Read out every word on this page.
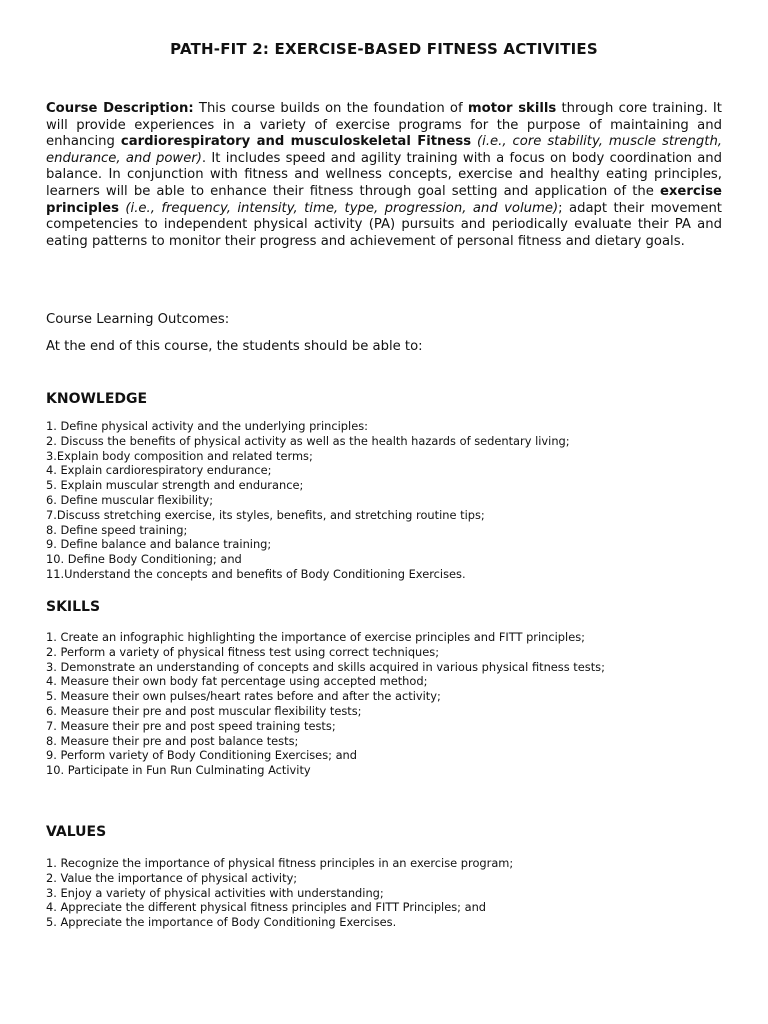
PATH-FIT 2: EXERCISE-BASED FITNESS ACTIVITIES

Course Description: This course builds on the foundation of motor skills through core training. It will provide experiences in a variety of exercise programs for the purpose of maintaining and enhancing cardiorespiratory and musculoskeletal Fitness (i.e., core stability, muscle strength, endurance, and power). It includes speed and agility training with a focus on body coordination and balance. In conjunction with fitness and wellness concepts, exercise and healthy eating principles, learners will be able to enhance their fitness through goal setting and application of the exercise principles (i.e., frequency, intensity, time, type, progression, and volume); adapt their movement competencies to independent physical activity (PA) pursuits and periodically evaluate their PA and eating patterns to monitor their progress and achievement of personal fitness and dietary goals.

Course Learning Outcomes:

At the end of this course, the students should be able to:

KNOWLEDGE
1. Define physical activity and the underlying principles:
2. Discuss the benefits of physical activity as well as the health hazards of sedentary living;
3.Explain body composition and related terms;
4. Explain cardiorespiratory endurance;
5. Explain muscular strength and endurance;
6. Define muscular flexibility;
7.Discuss stretching exercise, its styles, benefits, and stretching routine tips;
8. Define speed training;
9. Define balance and balance training;
10. Define Body Conditioning; and
11.Understand the concepts and benefits of Body Conditioning Exercises.
SKILLS
1. Create an infographic highlighting the importance of exercise principles and FITT principles;
2. Perform a variety of physical fitness test using correct techniques;
3. Demonstrate an understanding of concepts and skills acquired in various physical fitness tests;
4. Measure their own body fat percentage using accepted method;
5. Measure their own pulses/heart rates before and after the activity;
6. Measure their pre and post muscular flexibility tests;
7. Measure their pre and post speed training tests;
8. Measure their pre and post balance tests;
9. Perform variety of Body Conditioning Exercises; and
10. Participate in Fun Run Culminating Activity
VALUES
1. Recognize the importance of physical fitness principles in an exercise program;
2. Value the importance of physical activity;
3. Enjoy a variety of physical activities with understanding;
4. Appreciate the different physical fitness principles and FITT Principles; and
5. Appreciate the importance of Body Conditioning Exercises.
